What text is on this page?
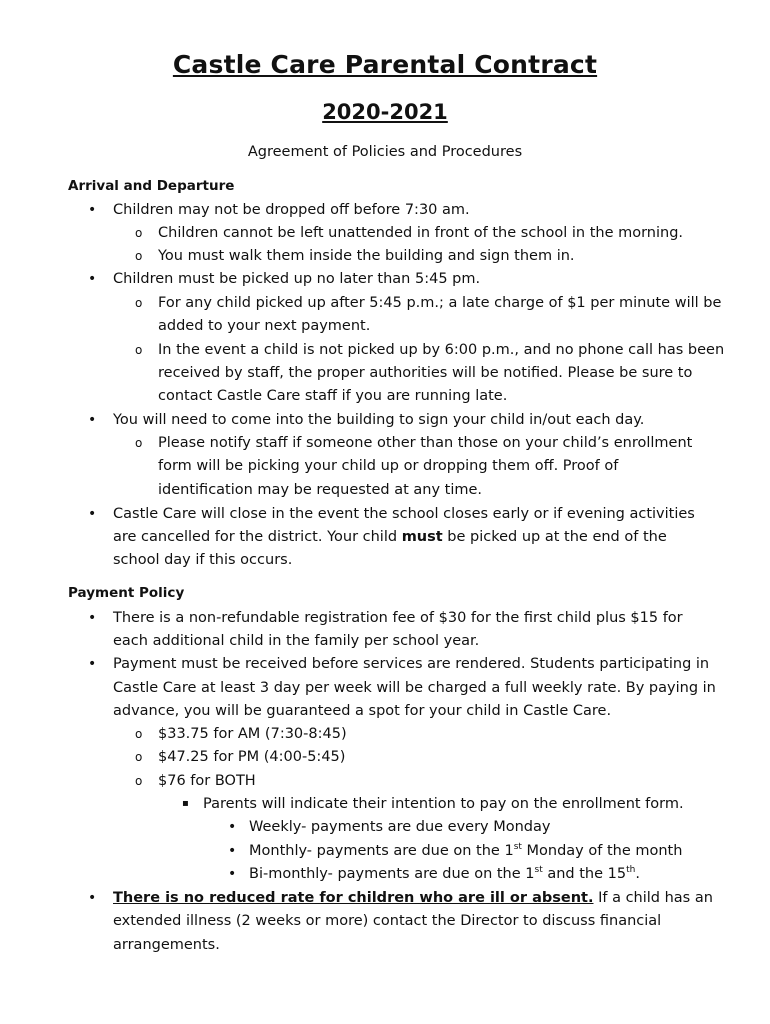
Castle Care Parental Contract
2020-2021
Agreement of Policies and Procedures
Arrival and Departure
• Children may not be dropped off before 7:30 am.
o Children cannot be left unattended in front of the school in the morning.
o You must walk them inside the building and sign them in.
• Children must be picked up no later than 5:45 pm.
o For any child picked up after 5:45 p.m.; a late charge of $1 per minute will be
added to your next payment.
o In the event a child is not picked up by 6:00 p.m., and no phone call has been
received by staff, the proper authorities will be notified. Please be sure to
contact Castle Care staff if you are running late.
• You will need to come into the building to sign your child in/out each day.
o Please notify staff if someone other than those on your child’s enrollment
form will be picking your child up or dropping them off. Proof of
identification may be requested at any time.
• Castle Care will close in the event the school closes early or if evening activities
are cancelled for the district. Your child must be picked up at the end of the
school day if this occurs.
Payment Policy
• There is a non-refundable registration fee of $30 for the first child plus $15 for
each additional child in the family per school year.
• Payment must be received before services are rendered. Students participating in
Castle Care at least 3 day per week will be charged a full weekly rate. By paying in
advance, you will be guaranteed a spot for your child in Castle Care.
o $33.75 for AM (7:30-8:45)
o $47.25 for PM (4:00-5:45)
o $76 for BOTH
▪ Parents will indicate their intention to pay on the enrollment form.
• Weekly- payments are due every Monday
• Monthly- payments are due on the 1st Monday of the month
• Bi-monthly- payments are due on the 1st and the 15th.
• There is no reduced rate for children who are ill or absent. If a child has an
extended illness (2 weeks or more) contact the Director to discuss financial
arrangements.
